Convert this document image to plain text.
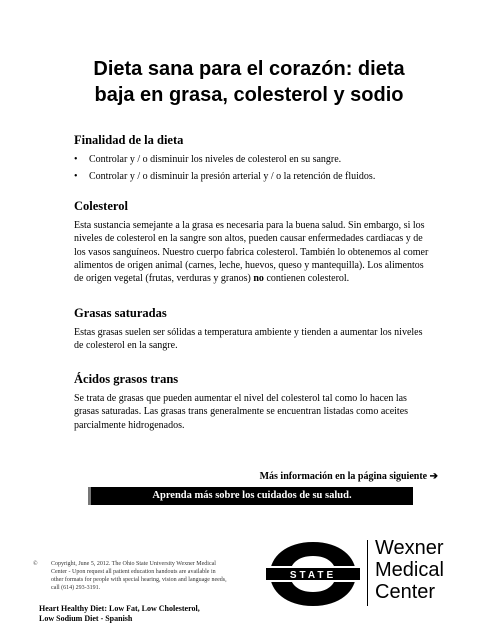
Dieta sana para el corazón: dieta
baja en grasa, colesterol y sodio
Finalidad de la dieta
• Controlar y / o disminuir los niveles de colesterol en su sangre.
• Controlar y / o disminuir la presión arterial y / o la retención de fluidos.
Colesterol

Esta sustancia semejante a la grasa es necesaria para la buena salud. Sin embargo, si los niveles de colesterol en la sangre son altos, pueden causar enfermedades cardiacas y de los vasos sanguíneos. Nuestro cuerpo fabrica colesterol. También lo obtenemos al comer alimentos de origen animal (carnes, leche, huevos, queso y mantequilla). Los alimentos de origen vegetal (frutas, verduras y granos) no contienen colesterol.

Grasas saturadas

Estas grasas suelen ser sólidas a temperatura ambiente y tienden a aumentar los niveles de colesterol en la sangre.

Ácidos grasos trans

Se trata de grasas que pueden aumentar el nivel del colesterol tal como lo hacen las grasas saturadas. Las grasas trans generalmente se encuentran listadas como aceites parcialmente hidrogenados.

Más información en la página siguiente ➔
Aprenda más sobre los cuidados de su salud.
© Copyright, June 5, 2012. The Ohio State University Wexner Medical Center - Upon request all patient education handouts are available in other formats for people with special hearing, vision and language needs, call (614) 293-3191.
OHIO
STATE
Wexner
Medical
Center
Heart Healthy Diet: Low Fat, Low Cholesterol,
Low Sodium Diet - Spanish
